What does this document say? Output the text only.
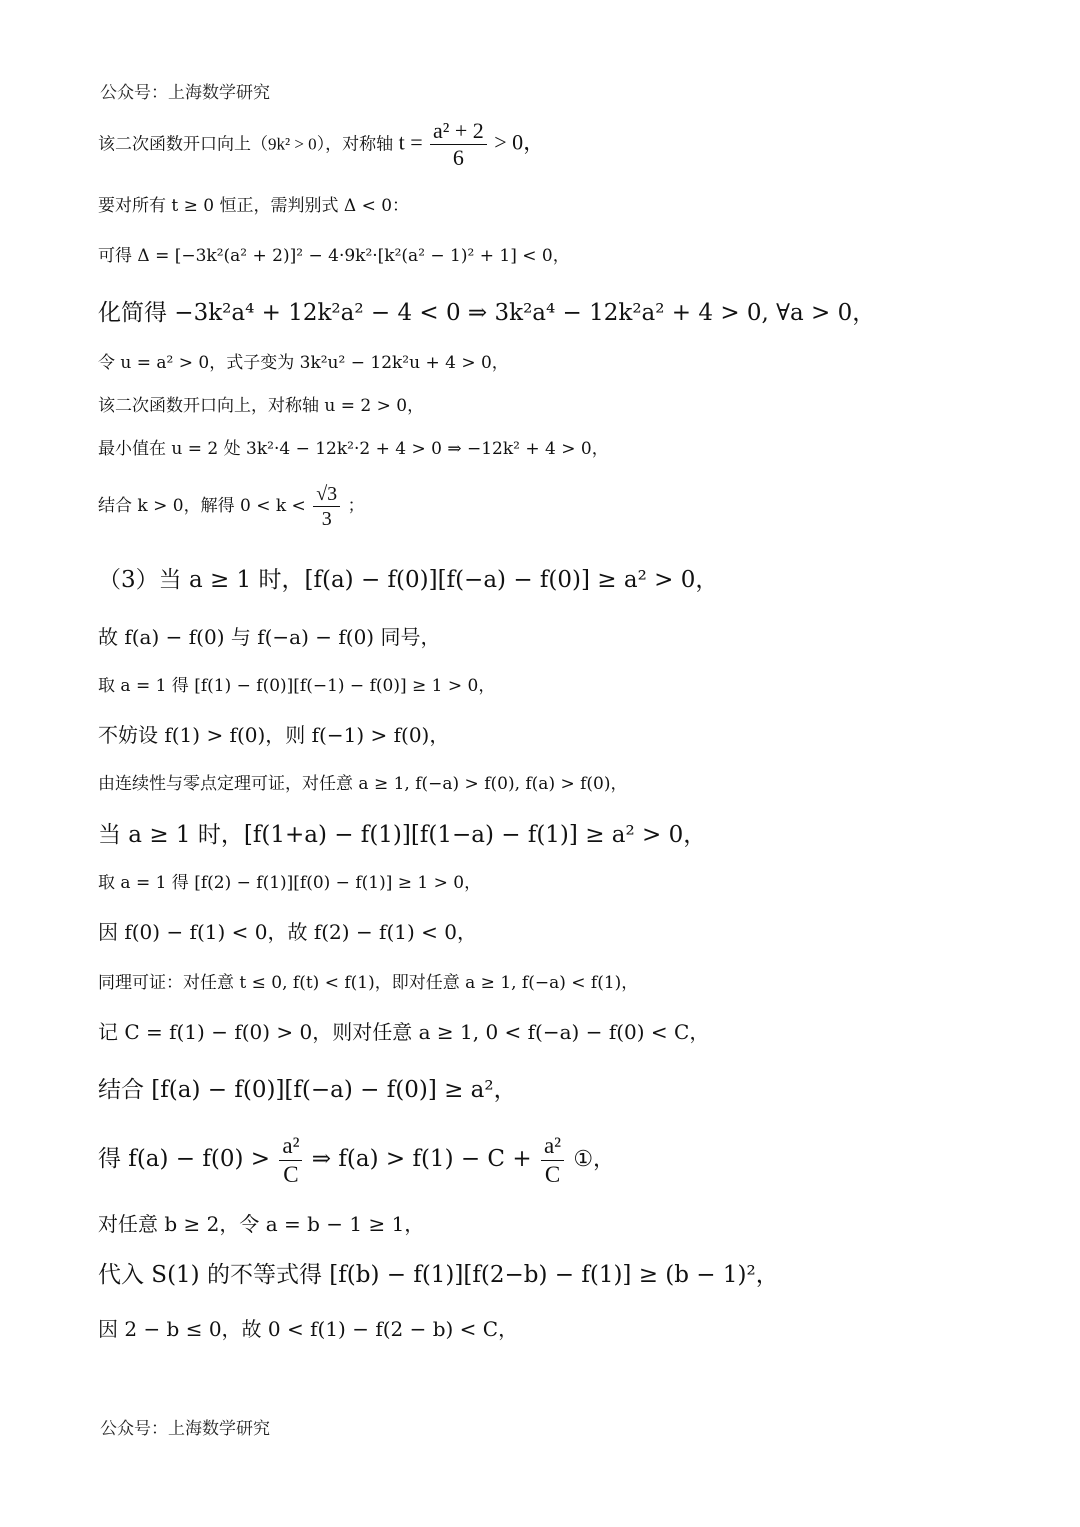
公众号：上海数学研究
该二次函数开口向上（9k² > 0），对称轴 $t = \frac{\text{a² + 2}}{6} > 0$，
要对所有 t ≥ 0 恒正，需判别式 Δ < 0：
可得 Δ = [−3k²(a² + 2)]² − 4·9k²·[k²(a² − 1)² + 1] < 0，
化简得 −3k²a⁴ + 12k²a² − 4 < 0 ⇒ 3k²a⁴ − 12k²a² + 4 > 0, ∀a > 0，
令 u = a² > 0，式子变为 3k²u² − 12k²u + 4 > 0，
该二次函数开口向上，对称轴 u = 2 > 0，
最小值在 u = 2 处 3k²·4 − 12k²·2 + 4 > 0 ⇒ −12k² + 4 > 0，
结合 k > 0，解得 $0 < k < \frac{√3}{3}$ ；
（3）当 a ≥ 1 时，[f(a) − f(0)][f(−a) − f(0)] ≥ a² > 0，
故 f(a) − f(0) 与 f(−a) − f(0) 同号，
取 a = 1 得 [f(1) − f(0)][f(−1) − f(0)] ≥ 1 > 0，
不妨设 f(1) > f(0)，则 f(−1) > f(0)，
由连续性与零点定理可证，对任意 a ≥ 1, f(−a) > f(0), f(a) > f(0)，
当 a ≥ 1 时，[f(1+a) − f(1)][f(1−a) − f(1)] ≥ a² > 0，
取 a = 1 得 [f(2) − f(1)][f(0) − f(1)] ≥ 1 > 0，
因 f(0) − f(1) < 0，故 f(2) − f(1) < 0，
同理可证：对任意 t ≤ 0, f(t) < f(1)，即对任意 a ≥ 1, f(−a) < f(1)，
记 C = f(1) − f(0) > 0，则对任意 a ≥ 1, 0 < f(−a) − f(0) < C，
结合 [f(a) − f(0)][f(−a) − f(0)] ≥ a²，
得 $f(a) - f(0) > \frac{\text{a²}}{C}$ ⇒ $f(a) > f(1) - C + \frac{\text{a²}}{C}$ ①，
对任意 b ≥ 2，令 a = b − 1 ≥ 1，
代入 S(1) 的不等式得 [f(b) − f(1)][f(2−b) − f(1)] ≥ (b − 1)²，
因 2 − b ≤ 0，故 0 < f(1) − f(2 − b) < C，
公众号：上海数学研究
